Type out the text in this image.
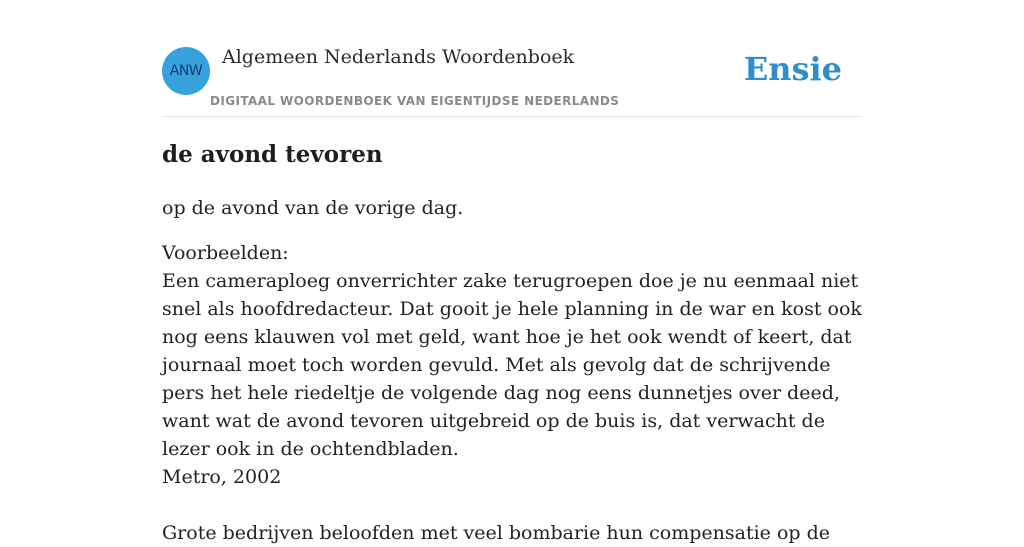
ANW
Algemeen Nederlands Woordenboek
DIGITAAL WOORDENBOEK VAN EIGENTIJDSE NEDERLANDS
Ensie
de avond tevoren

op de avond van de vorige dag.

Voorbeelden:

Een cameraploeg onverrichter zake terugroepen doe je nu eenmaal niet snel als hoofdredacteur. Dat gooit je hele planning in de war en kost ook nog eens klauwen vol met geld, want hoe je het ook wendt of keert, dat journaal moet toch worden gevuld. Met als gevolg dat de schrijvende pers het hele riedeltje de volgende dag nog eens dunnetjes over deed, want wat de avond tevoren uitgebreid op de buis is, dat verwacht de lezer ook in de ochtendbladen.

Metro, 2002

Grote bedrijven beloofden met veel bombarie hun compensatie op de
